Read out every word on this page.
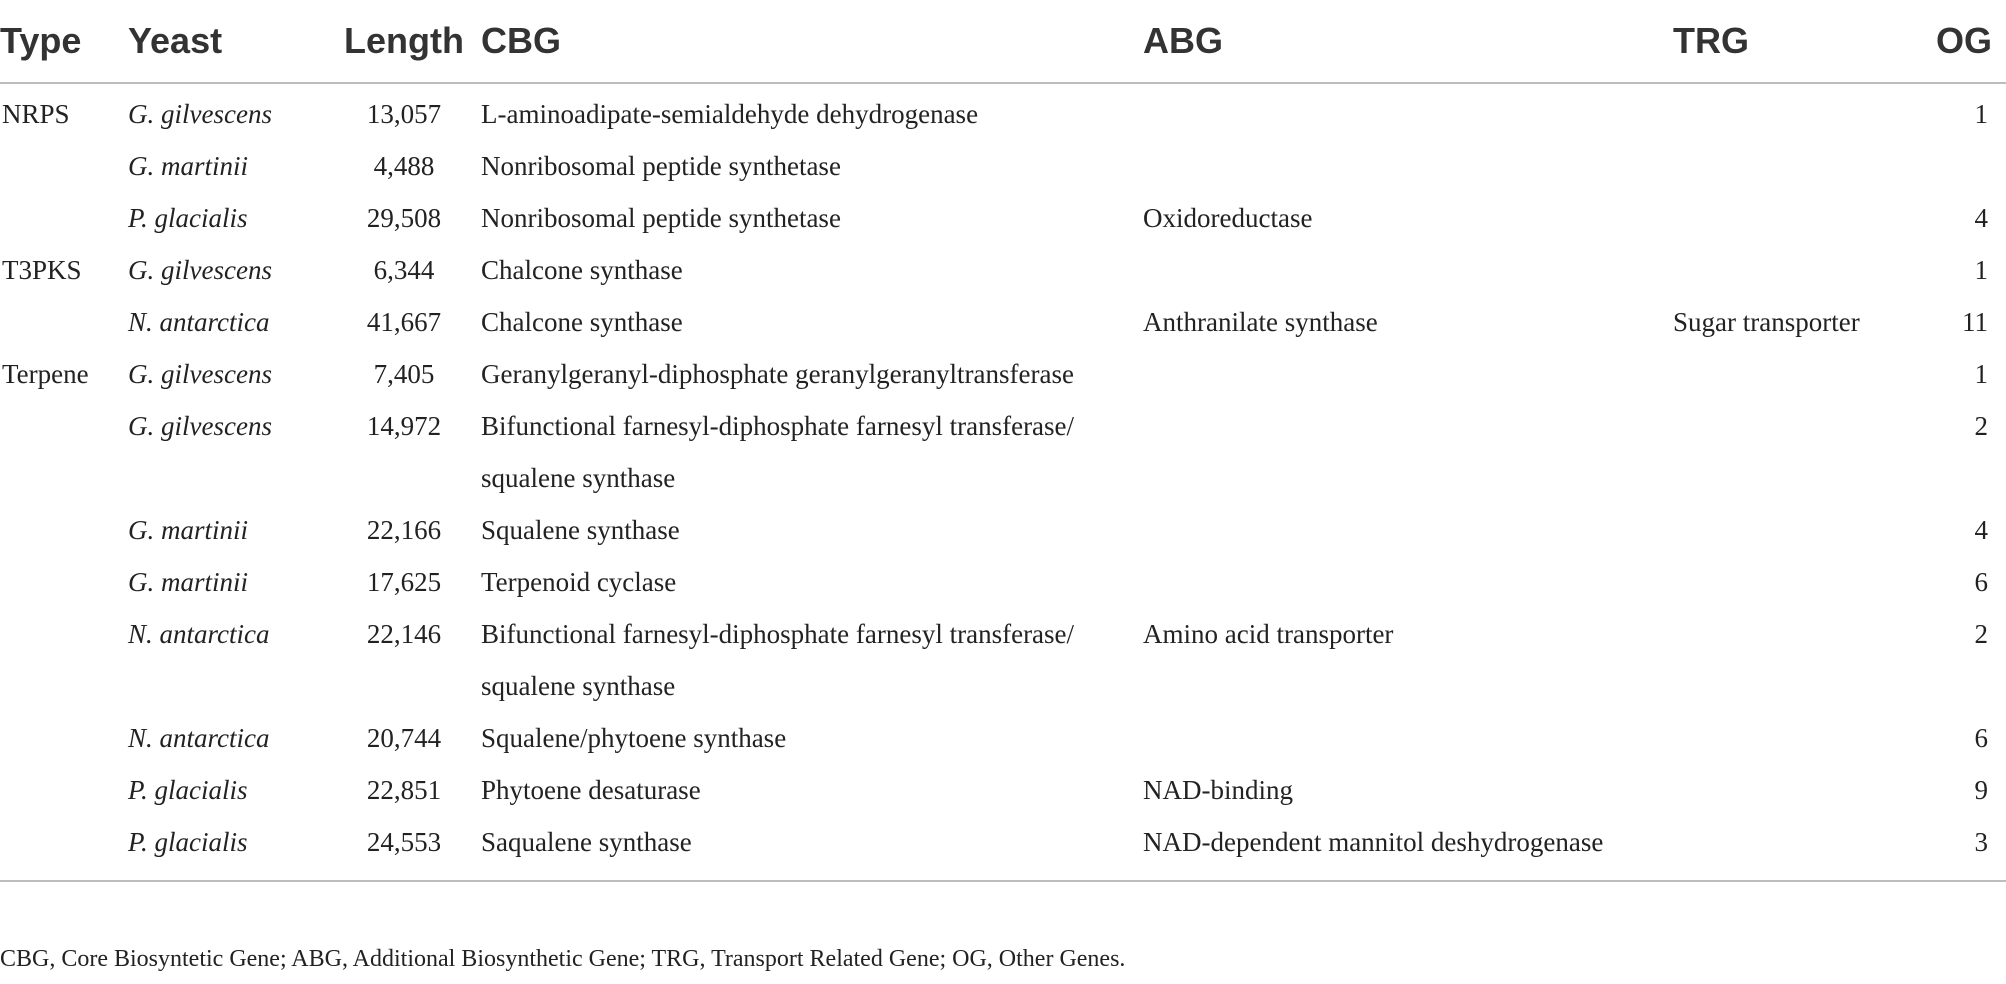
Type	Yeast	Length	CBG	ABG	TRG	OG
NRPS	G. gilvescens	13,057	L-aminoadipate-semialdehyde dehydrogenase			1
	G. martinii	4,488	Nonribosomal peptide synthetase			
	P. glacialis	29,508	Nonribosomal peptide synthetase	Oxidoreductase		4
T3PKS	G. gilvescens	6,344	Chalcone synthase			1
	N. antarctica	41,667	Chalcone synthase	Anthranilate synthase	Sugar transporter	11
Terpene	G. gilvescens	7,405	Geranylgeranyl-diphosphate geranylgeranyltransferase			1
	G. gilvescens	14,972	Bifunctional farnesyl-diphosphate farnesyl transferase/ squalene synthase			2
	G. martinii	22,166	Squalene synthase			4
	G. martinii	17,625	Terpenoid cyclase			6
	N. antarctica	22,146	Bifunctional farnesyl-diphosphate farnesyl transferase/ squalene synthase	Amino acid transporter		2
	N. antarctica	20,744	Squalene/phytoene synthase			6
	P. glacialis	22,851	Phytoene desaturase	NAD-binding		9
	P. glacialis	24,553	Saqualene synthase	NAD-dependent mannitol deshydrogenase		3
CBG, Core Biosyntetic Gene; ABG, Additional Biosynthetic Gene; TRG, Transport Related Gene; OG, Other Genes.
